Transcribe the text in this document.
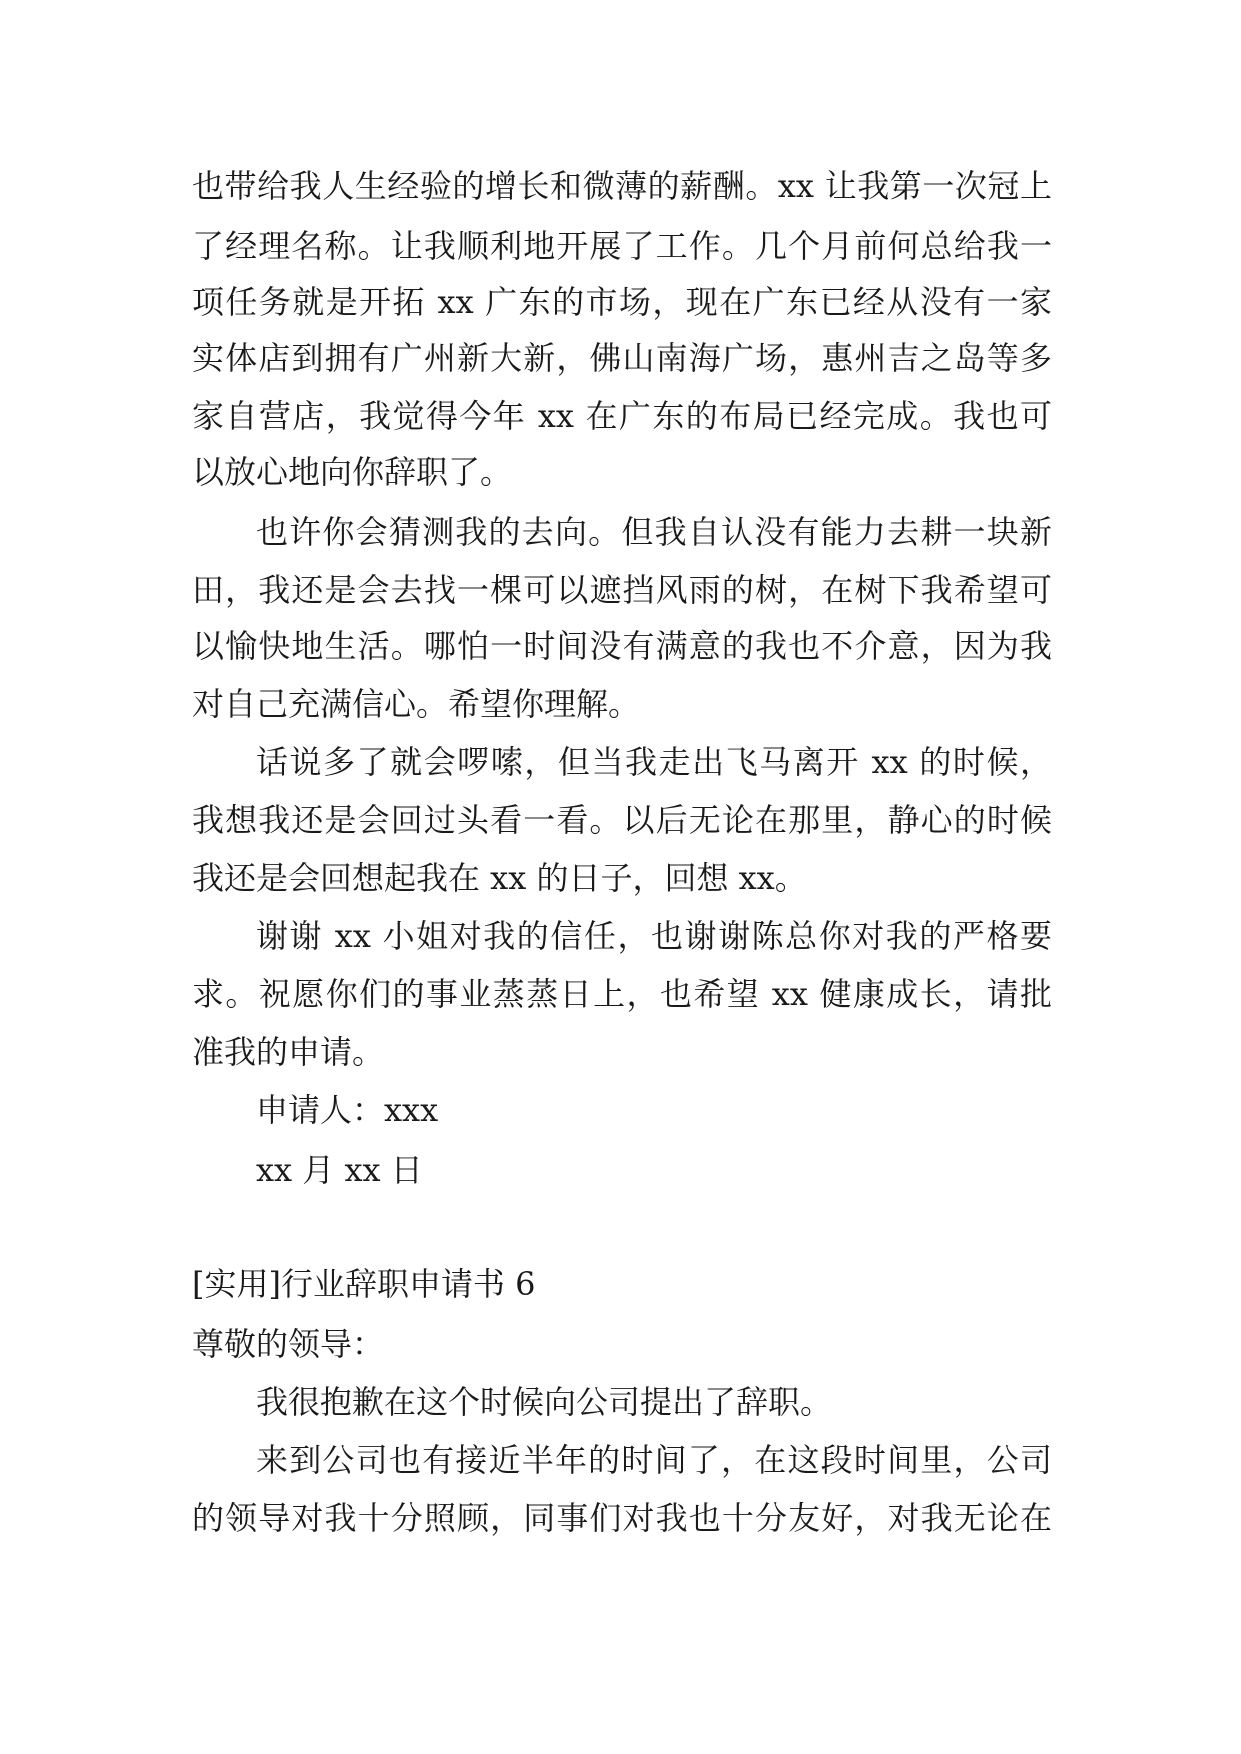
也带给我人生经验的增长和微薄的薪酬。xx 让我第一次冠上
了经理名称。让我顺利地开展了工作。几个月前何总给我一
项任务就是开拓 xx 广东的市场，现在广东已经从没有一家
实体店到拥有广州新大新，佛山南海广场，惠州吉之岛等多
家自营店，我觉得今年 xx 在广东的布局已经完成。我也可
以放心地向你辞职了。
也许你会猜测我的去向。但我自认没有能力去耕一块新
田，我还是会去找一棵可以遮挡风雨的树，在树下我希望可
以愉快地生活。哪怕一时间没有满意的我也不介意，因为我
对自己充满信心。希望你理解。
话说多了就会啰嗦，但当我走出飞马离开 xx 的时候，
我想我还是会回过头看一看。以后无论在那里，静心的时候
我还是会回想起我在 xx 的日子，回想 xx。
谢谢 xx 小姐对我的信任，也谢谢陈总你对我的严格要
求。祝愿你们的事业蒸蒸日上，也希望 xx 健康成长，请批
准我的申请。
申请人：xxx
xx 月 xx 日
[实用]行业辞职申请书 6
尊敬的领导：
我很抱歉在这个时候向公司提出了辞职。
来到公司也有接近半年的时间了，在这段时间里，公司
的领导对我十分照顾，同事们对我也十分友好，对我无论在
